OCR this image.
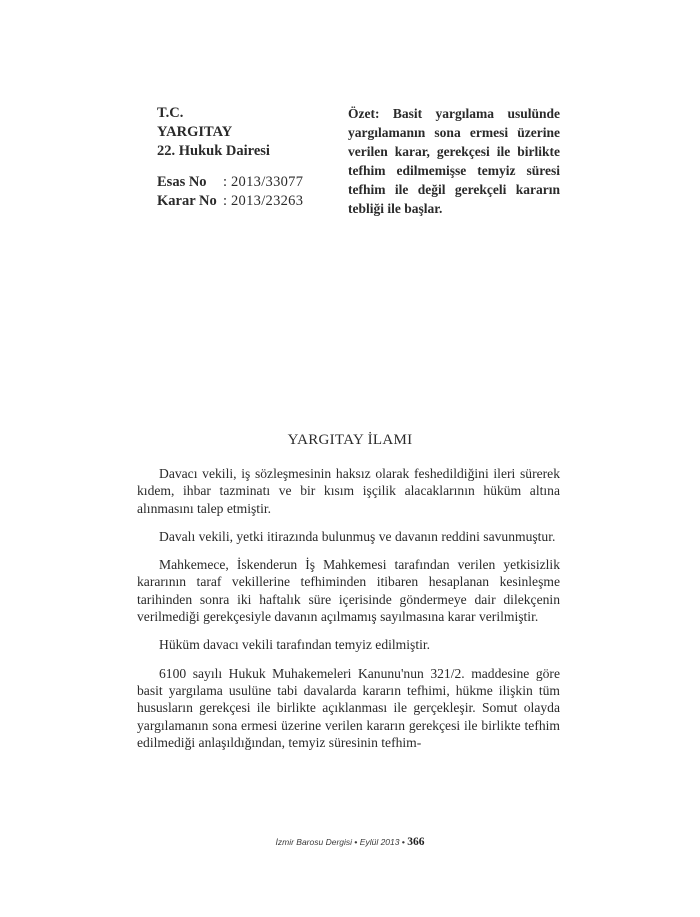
T.C.
YARGITAY
22. Hukuk Dairesi
Esas No	: 2013/33077
Karar No : 2013/23263
Özet: Basit yargılama usulünde yargılamanın sona ermesi üzerine verilen karar, gerekçesi ile birlikte tefhim edilmemişse temyiz süresi tefhim ile değil gerekçeli kararın tebliği ile başlar.
YARGITAY İLAMI

Davacı vekili, iş sözleşmesinin haksız olarak feshedildiğini ileri sürerek kıdem, ihbar tazminatı ve bir kısım işçilik alacaklarının hüküm altına alınmasını talep etmiştir.

Davalı vekili, yetki itirazında bulunmuş ve davanın reddini savunmuştur.

Mahkemece, İskenderun İş Mahkemesi tarafından verilen yetkisizlik kararının taraf vekillerine tefhiminden itibaren hesaplanan kesinleşme tarihinden sonra iki haftalık süre içerisinde göndermeye dair dilekçenin verilmediği gerekçesiyle davanın açılmamış sayılmasına karar verilmiştir.

Hüküm davacı vekili tarafından temyiz edilmiştir.

6100 sayılı Hukuk Muhakemeleri Kanunu'nun 321/2. maddesine göre basit yargılama usulüne tabi davalarda kararın tefhimi, hükme ilişkin tüm hususların gerekçesi ile birlikte açıklanması ile gerçekleşir. Somut olayda yargılamanın sona ermesi üzerine verilen kararın gerekçesi ile birlikte tefhim edilmediği anlaşıldığından, temyiz süresinin tefhim-

İzmir Barosu Dergisi • Eylül 2013 • 366
